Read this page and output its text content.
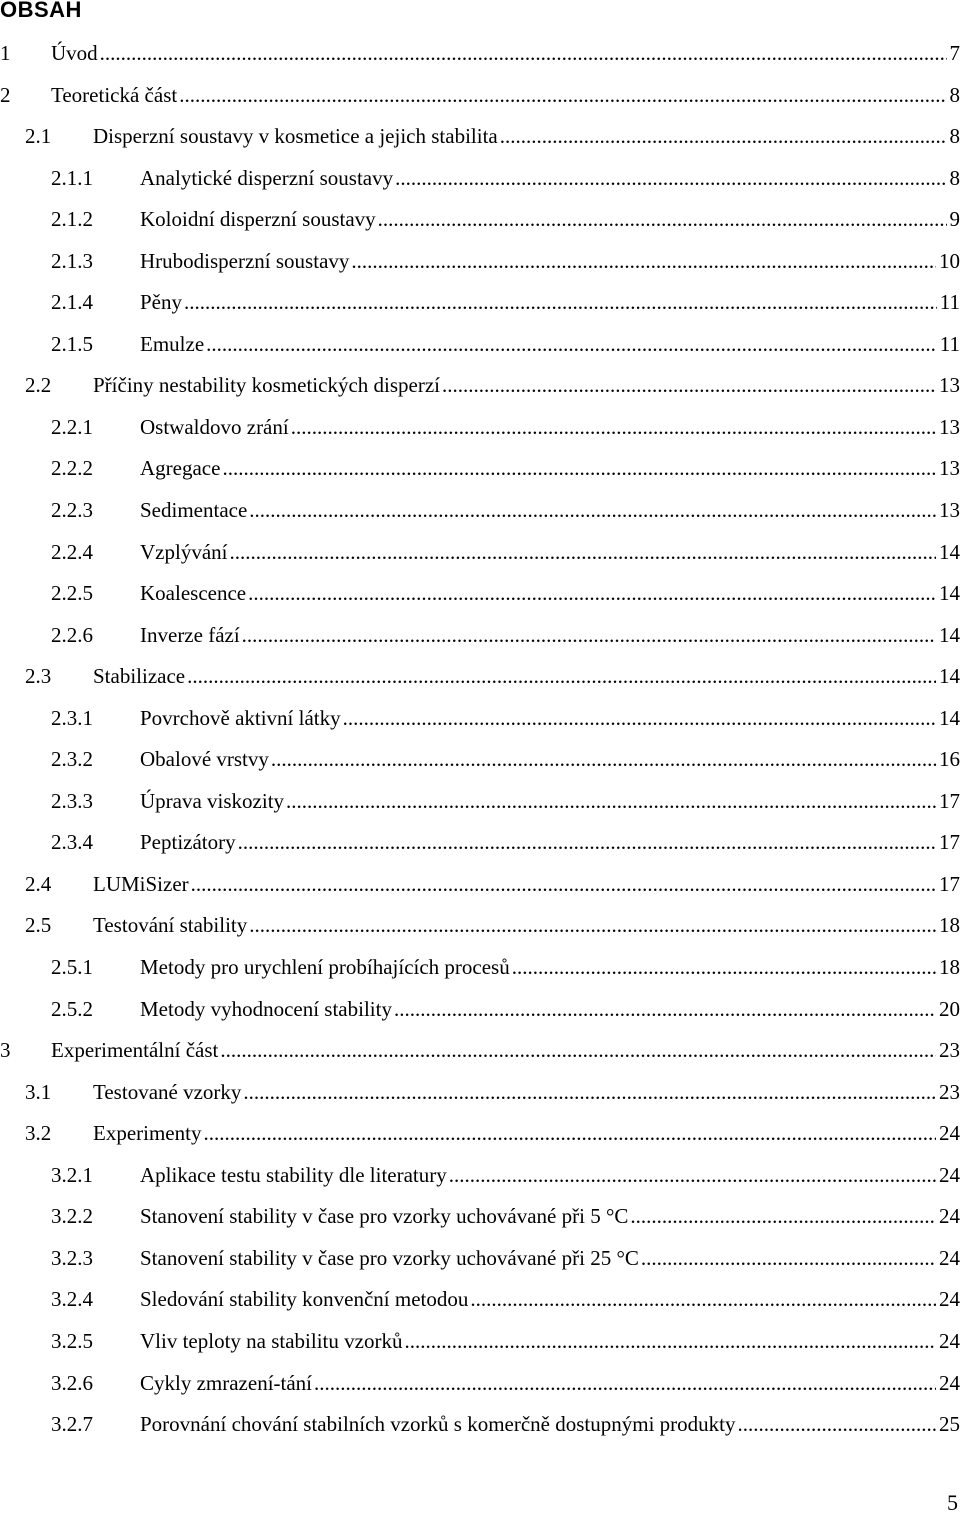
OBSAH
1 Úvod .....	7
2 Teoretická část .....	8
2.1 Disperzní soustavy v kosmetice a jejich stabilita .....	8
2.1.1 Analytické disperzní soustavy .....	8
2.1.2 Koloidní disperzní soustavy .....	9
2.1.3 Hrubodisperzní soustavy .....	10
2.1.4 Pěny .....	11
2.1.5 Emulze .....	11
2.2 Příčiny nestability kosmetických disperzí .....	13
2.2.1 Ostwaldovo zrání .....	13
2.2.2 Agregace .....	13
2.2.3 Sedimentace .....	13
2.2.4 Vzplývání .....	14
2.2.5 Koalescence .....	14
2.2.6 Inverze fází .....	14
2.3 Stabilizace .....	14
2.3.1 Povrchově aktivní látky .....	14
2.3.2 Obalové vrstvy .....	16
2.3.3 Úprava viskozity .....	17
2.3.4 Peptizátory .....	17
2.4 LUMiSizer .....	17
2.5 Testování stability .....	18
2.5.1 Metody pro urychlení probíhajících procesů .....	18
2.5.2 Metody vyhodnocení stability .....	20
3 Experimentální část .....	23
3.1 Testované vzorky .....	23
3.2 Experimenty .....	24
3.2.1 Aplikace testu stability dle literatury .....	24
3.2.2 Stanovení stability v čase pro vzorky uchovávané při 5 °C .....	24
3.2.3 Stanovení stability v čase pro vzorky uchovávané při 25 °C .....	24
3.2.4 Sledování stability konvenční metodou .....	24
3.2.5 Vliv teploty na stabilitu vzorků .....	24
3.2.6 Cykly zmrazení-tání .....	24
3.2.7 Porovnání chování stabilních vzorků s komerčně dostupnými produkty .....	25
5
